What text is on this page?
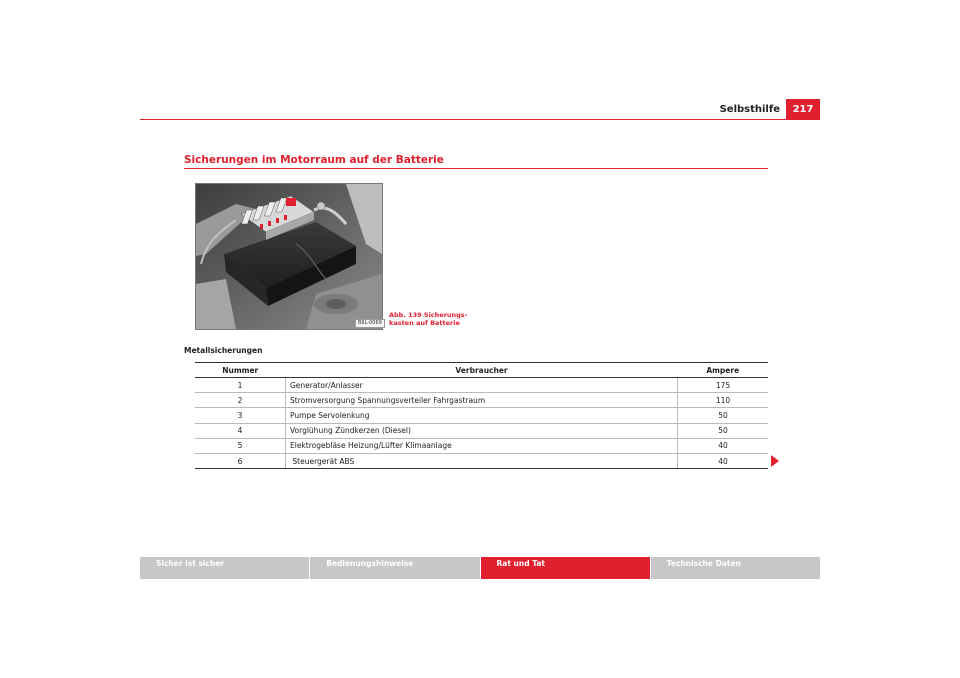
Selbsthilfe	217
Sicherungen im Motorraum auf der Batterie
B6L-0069

Abb. 139 Sicherungs-
kasten auf Batterie

Metallsicherungen
Nummer	Verbraucher	Ampere
1	Generator/Anlasser	175
2	Stromversorgung Spannungsverteiler Fahrgastraum	110
3	Pumpe Servolenkung	50
4	Vorglühung Zündkerzen (Diesel)	50
5	Elektrogebläse Heizung/Lüfter Klimaanlage	40
6	Steuergerät ABS	40
Sicher ist sicher	Bedienungshinweise	Rat und Tat	Technische Daten
